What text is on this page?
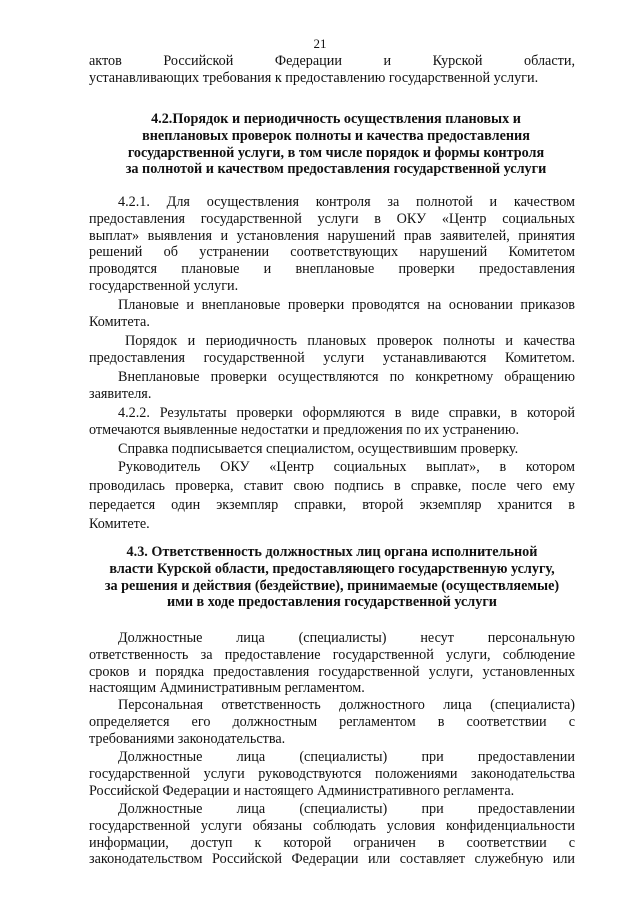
21
актов Российской Федерации и Курской области,
устанавливающих требования к предоставлению государственной услуги.
4.2.Порядок и периодичность осуществления плановых и
внеплановых проверок полноты и качества предоставления
государственной услуги, в том числе порядок и формы контроля
за полнотой и качеством предоставления государственной услуги
4.2.1. Для осуществления контроля за полнотой и качеством
предоставления государственной услуги в ОКУ «Центр социальных
выплат» выявления и установления нарушений прав заявителей, принятия
решений об устранении соответствующих нарушений Комитетом
проводятся плановые и внеплановые проверки предоставления
государственной услуги.
Плановые и внеплановые проверки проводятся на основании приказов
Комитета.
Порядок и периодичность плановых проверок полноты и качества
предоставления государственной услуги устанавливаются Комитетом.
Внеплановые проверки осуществляются по конкретному обращению
заявителя.
4.2.2. Результаты проверки оформляются в виде справки, в которой
отмечаются выявленные недостатки и предложения по их устранению.
Справка подписывается специалистом, осуществившим проверку.
Руководитель ОКУ «Центр социальных выплат», в котором
проводилась проверка, ставит свою подпись в справке, после чего ему
передается один экземпляр справки, второй экземпляр хранится в
Комитете.
4.3. Ответственность должностных лиц органа исполнительной
власти Курской области, предоставляющего государственную услугу,
за решения и действия (бездействие), принимаемые (осуществляемые)
ими в ходе предоставления государственной услуги
Должностные лица (специалисты) несут персональную
ответственность за предоставление государственной услуги, соблюдение
сроков и порядка предоставления государственной услуги, установленных
настоящим Административным регламентом.
Персональная ответственность должностного лица (специалиста)
определяется его должностным регламентом в соответствии с
требованиями законодательства.
Должностные лица (специалисты) при предоставлении
государственной услуги руководствуются положениями законодательства
Российской Федерации и настоящего Административного регламента.
Должностные лица (специалисты) при предоставлении
государственной услуги обязаны соблюдать условия конфиденциальности
информации, доступ к которой ограничен в соответствии с
законодательством Российской Федерации или составляет служебную или
